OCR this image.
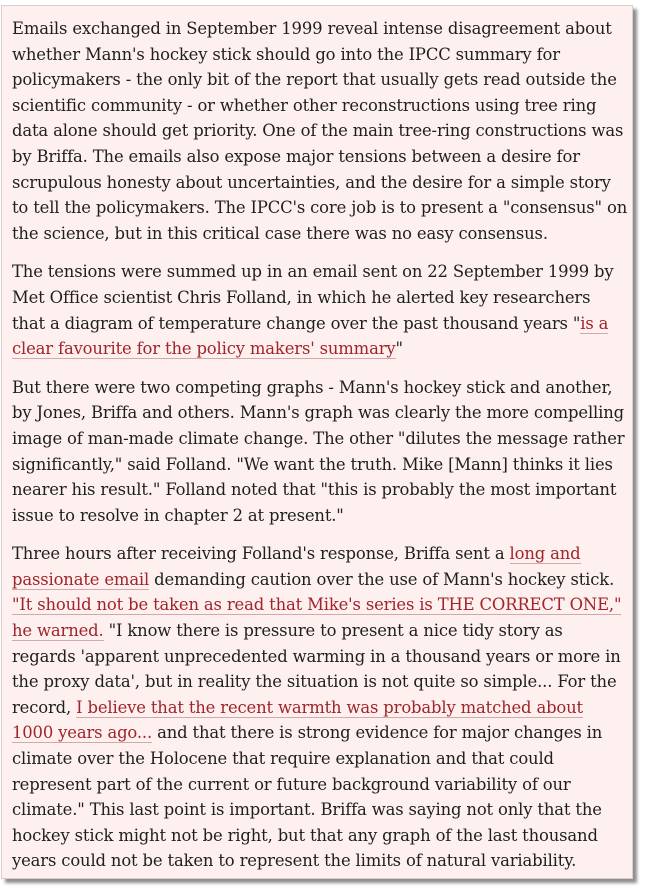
Emails exchanged in September 1999 reveal intense disagreement about whether Mann's hockey stick should go into the IPCC summary for policymakers - the only bit of the report that usually gets read outside the scientific community - or whether other reconstructions using tree ring data alone should get priority. One of the main tree-ring constructions was by Briffa. The emails also expose major tensions between a desire for scrupulous honesty about uncertainties, and the desire for a simple story to tell the policymakers. The IPCC's core job is to present a "consensus" on the science, but in this critical case there was no easy consensus.

The tensions were summed up in an email sent on 22 September 1999 by Met Office scientist Chris Folland, in which he alerted key researchers that a diagram of temperature change over the past thousand years "is a clear favourite for the policy makers' summary"

But there were two competing graphs - Mann's hockey stick and another, by Jones, Briffa and others. Mann's graph was clearly the more compelling image of man-made climate change. The other "dilutes the message rather significantly," said Folland. "We want the truth. Mike [Mann] thinks it lies nearer his result." Folland noted that "this is probably the most important issue to resolve in chapter 2 at present."

Three hours after receiving Folland's response, Briffa sent a long and passionate email demanding caution over the use of Mann's hockey stick. "It should not be taken as read that Mike's series is THE CORRECT ONE," he warned. "I know there is pressure to present a nice tidy story as regards 'apparent unprecedented warming in a thousand years or more in the proxy data', but in reality the situation is not quite so simple... For the record, I believe that the recent warmth was probably matched about 1000 years ago... and that there is strong evidence for major changes in climate over the Holocene that require explanation and that could represent part of the current or future background variability of our climate." This last point is important. Briffa was saying not only that the hockey stick might not be right, but that any graph of the last thousand years could not be taken to represent the limits of natural variability.
